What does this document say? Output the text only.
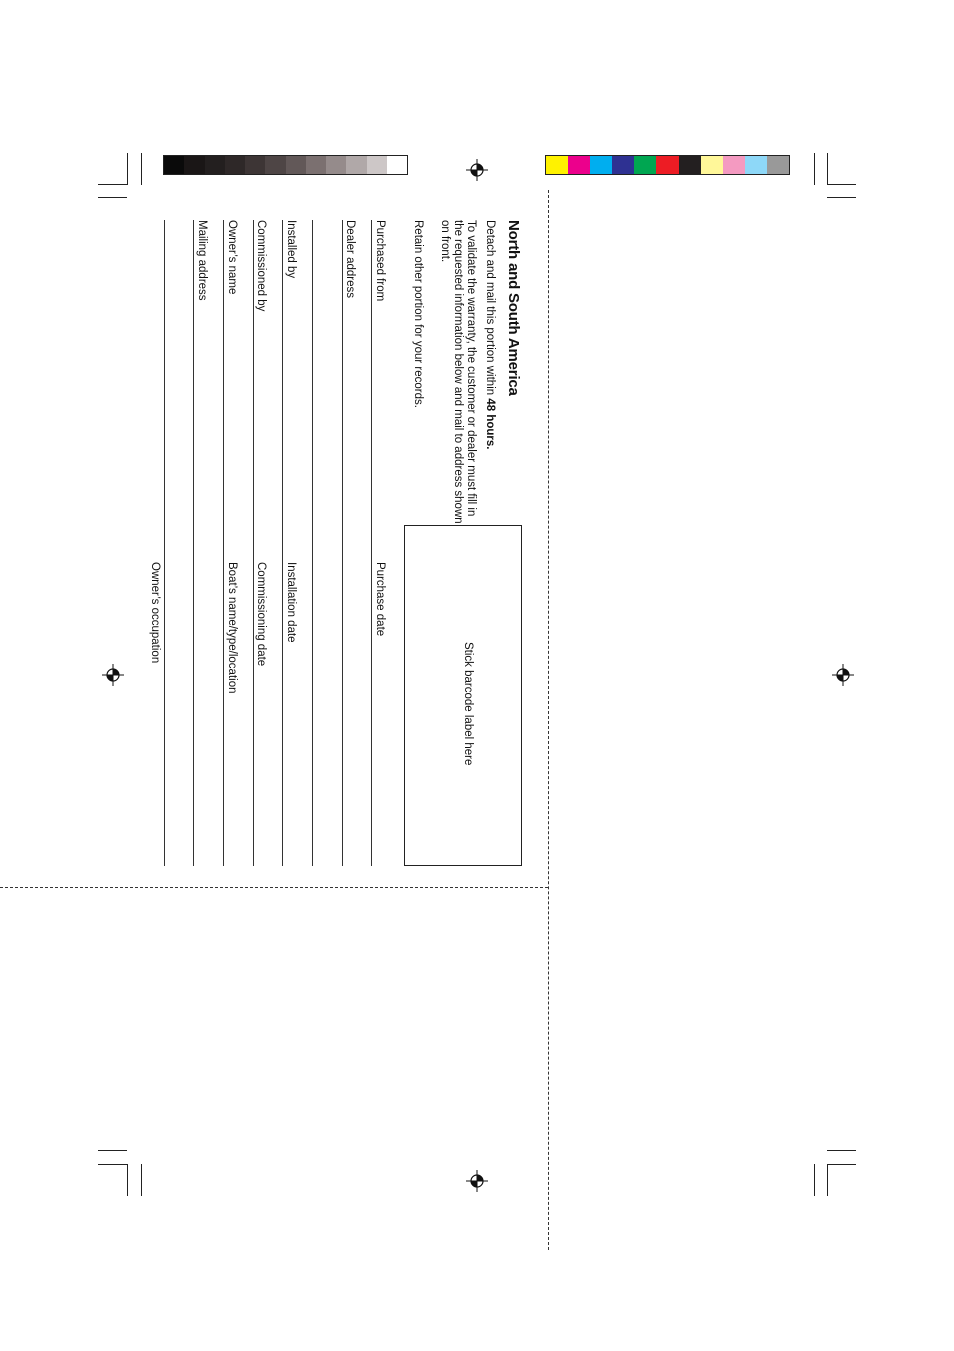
North and South America
Detach and mail this portion within 48 hours.
To validate the warranty, the customer or dealer must fill in
the requested information below and mail to address shown
on front.
Retain other portion for your records.
Stick barcode label here
Purchased from
Purchase date
Dealer address
Installed by
Installation date
Commissioned by
Commissioning date
Owner’s name
Boat’s name/type/location
Mailing address
Owner’s occupation
